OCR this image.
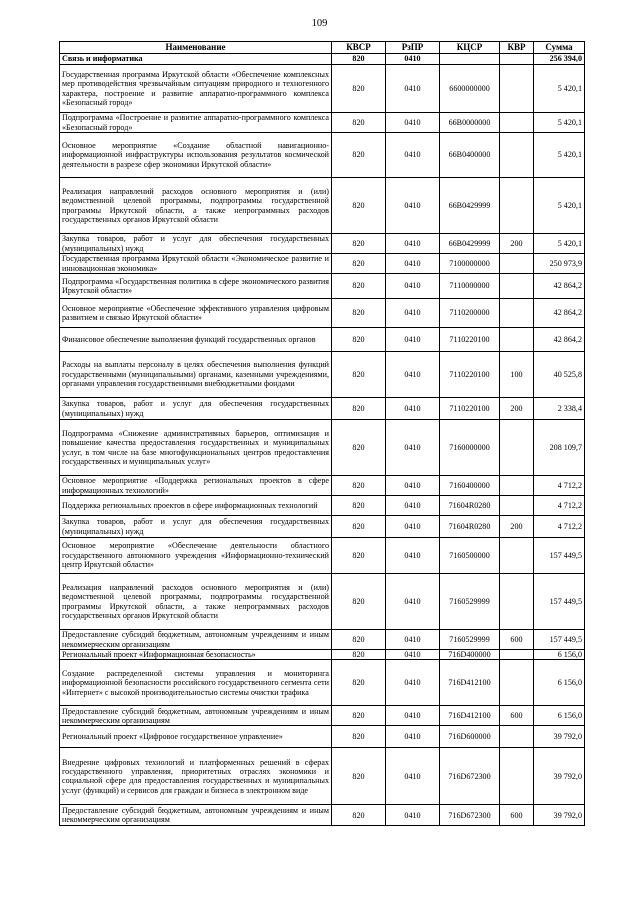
109
Наименование	КВСР	РзПР	КЦСР	КВР	Сумма
Связь и информатика	820	0410			256 394,0
Государственная программа Иркутской области «Обеспечение комплексных мер противодействия чрезвычайным ситуациям природного и техногенного характера, построение и развитие аппаратно-программного комплекса «Безопасный город»	820	0410	6600000000		5 420,1
Подпрограмма «Построение и развитие аппаратно-программного комплекса «Безопасный город»	820	0410	66В0000000		5 420,1
Основное мероприятие «Создание областной навигационно-информационной инфраструктуры использования результатов космической деятельности в разрезе сфер экономики Иркутской области»	820	0410	66В0400000		5 420,1
Реализация направлений расходов основного мероприятия и (или) ведомственной целевой программы, подпрограммы государственной программы Иркутской области, а также непрограммных расходов государственных органов Иркутской области	820	0410	66В0429999		5 420,1
Закупка товаров, работ и услуг для обеспечения государственных (муниципальных) нужд	820	0410	66В0429999	200	5 420,1
Государственная программа Иркутской области «Экономическое развитие и инновационная экономика»	820	0410	7100000000		250 973,9
Подпрограмма «Государственная политика в сфере экономического развития Иркутской области»	820	0410	7110000000		42 864,2
Основное мероприятие «Обеспечение эффективного управления цифровым развитием и связью Иркутской области»	820	0410	7110200000		42 864,2
Финансовое обеспечение выполнения функций государственных органов	820	0410	7110220100		42 864,2
Расходы на выплаты персоналу в целях обеспечения выполнения функций государственными (муниципальными) органами, казенными учреждениями, органами управления государственными внебюджетными фондами	820	0410	7110220100	100	40 525,8
Закупка товаров, работ и услуг для обеспечения государственных (муниципальных) нужд	820	0410	7110220100	200	2 338,4
Подпрограмма «Снижение административных барьеров, оптимизация и повышение качества предоставления государственных и муниципальных услуг, в том числе на базе многофункциональных центров предоставления государственных и муниципальных услуг»	820	0410	7160000000		208 109,7
Основное мероприятие «Поддержка региональных проектов в сфере информационных технологий»	820	0410	7160400000		4 712,2
Поддержка региональных проектов в сфере информационных технологий	820	0410	71604R0280		4 712,2
Закупка товаров, работ и услуг для обеспечения государственных (муниципальных) нужд	820	0410	71604R0280	200	4 712,2
Основное мероприятие «Обеспечение деятельности областного государственного автономного учреждения «Информационно-технический центр Иркутской области»	820	0410	7160500000		157 449,5
Реализация направлений расходов основного мероприятия и (или) ведомственной целевой программы, подпрограммы государственной программы Иркутской области, а также непрограммных расходов государственных органов Иркутской области	820	0410	7160529999		157 449,5
Предоставление субсидий бюджетным, автономным учреждениям и иным некоммерческим организациям	820	0410	7160529999	600	157 449,5
Региональный проект «Информационная безопасность»	820	0410	716D400000		6 156,0
Создание распределенной системы управления и мониторинга информационной безопасности российского государственного сегмента сети «Интернет» с высокой производительностью системы очистки трафика	820	0410	716D412100		6 156,0
Предоставление субсидий бюджетным, автономным учреждениям и иным некоммерческим организациям	820	0410	716D412100	600	6 156,0
Региональный проект «Цифровое государственное управление»	820	0410	716D600000		39 792,0
Внедрение цифровых технологий и платформенных решений в сферах государственного управления, приоритетных отраслях экономики и социальной сфере для предоставления государственных и муниципальных услуг (функций) и сервисов для граждан и бизнеса в электронном виде	820	0410	716D672300		39 792,0
Предоставление субсидий бюджетным, автономным учреждениям и иным некоммерческим организациям	820	0410	716D672300	600	39 792,0
